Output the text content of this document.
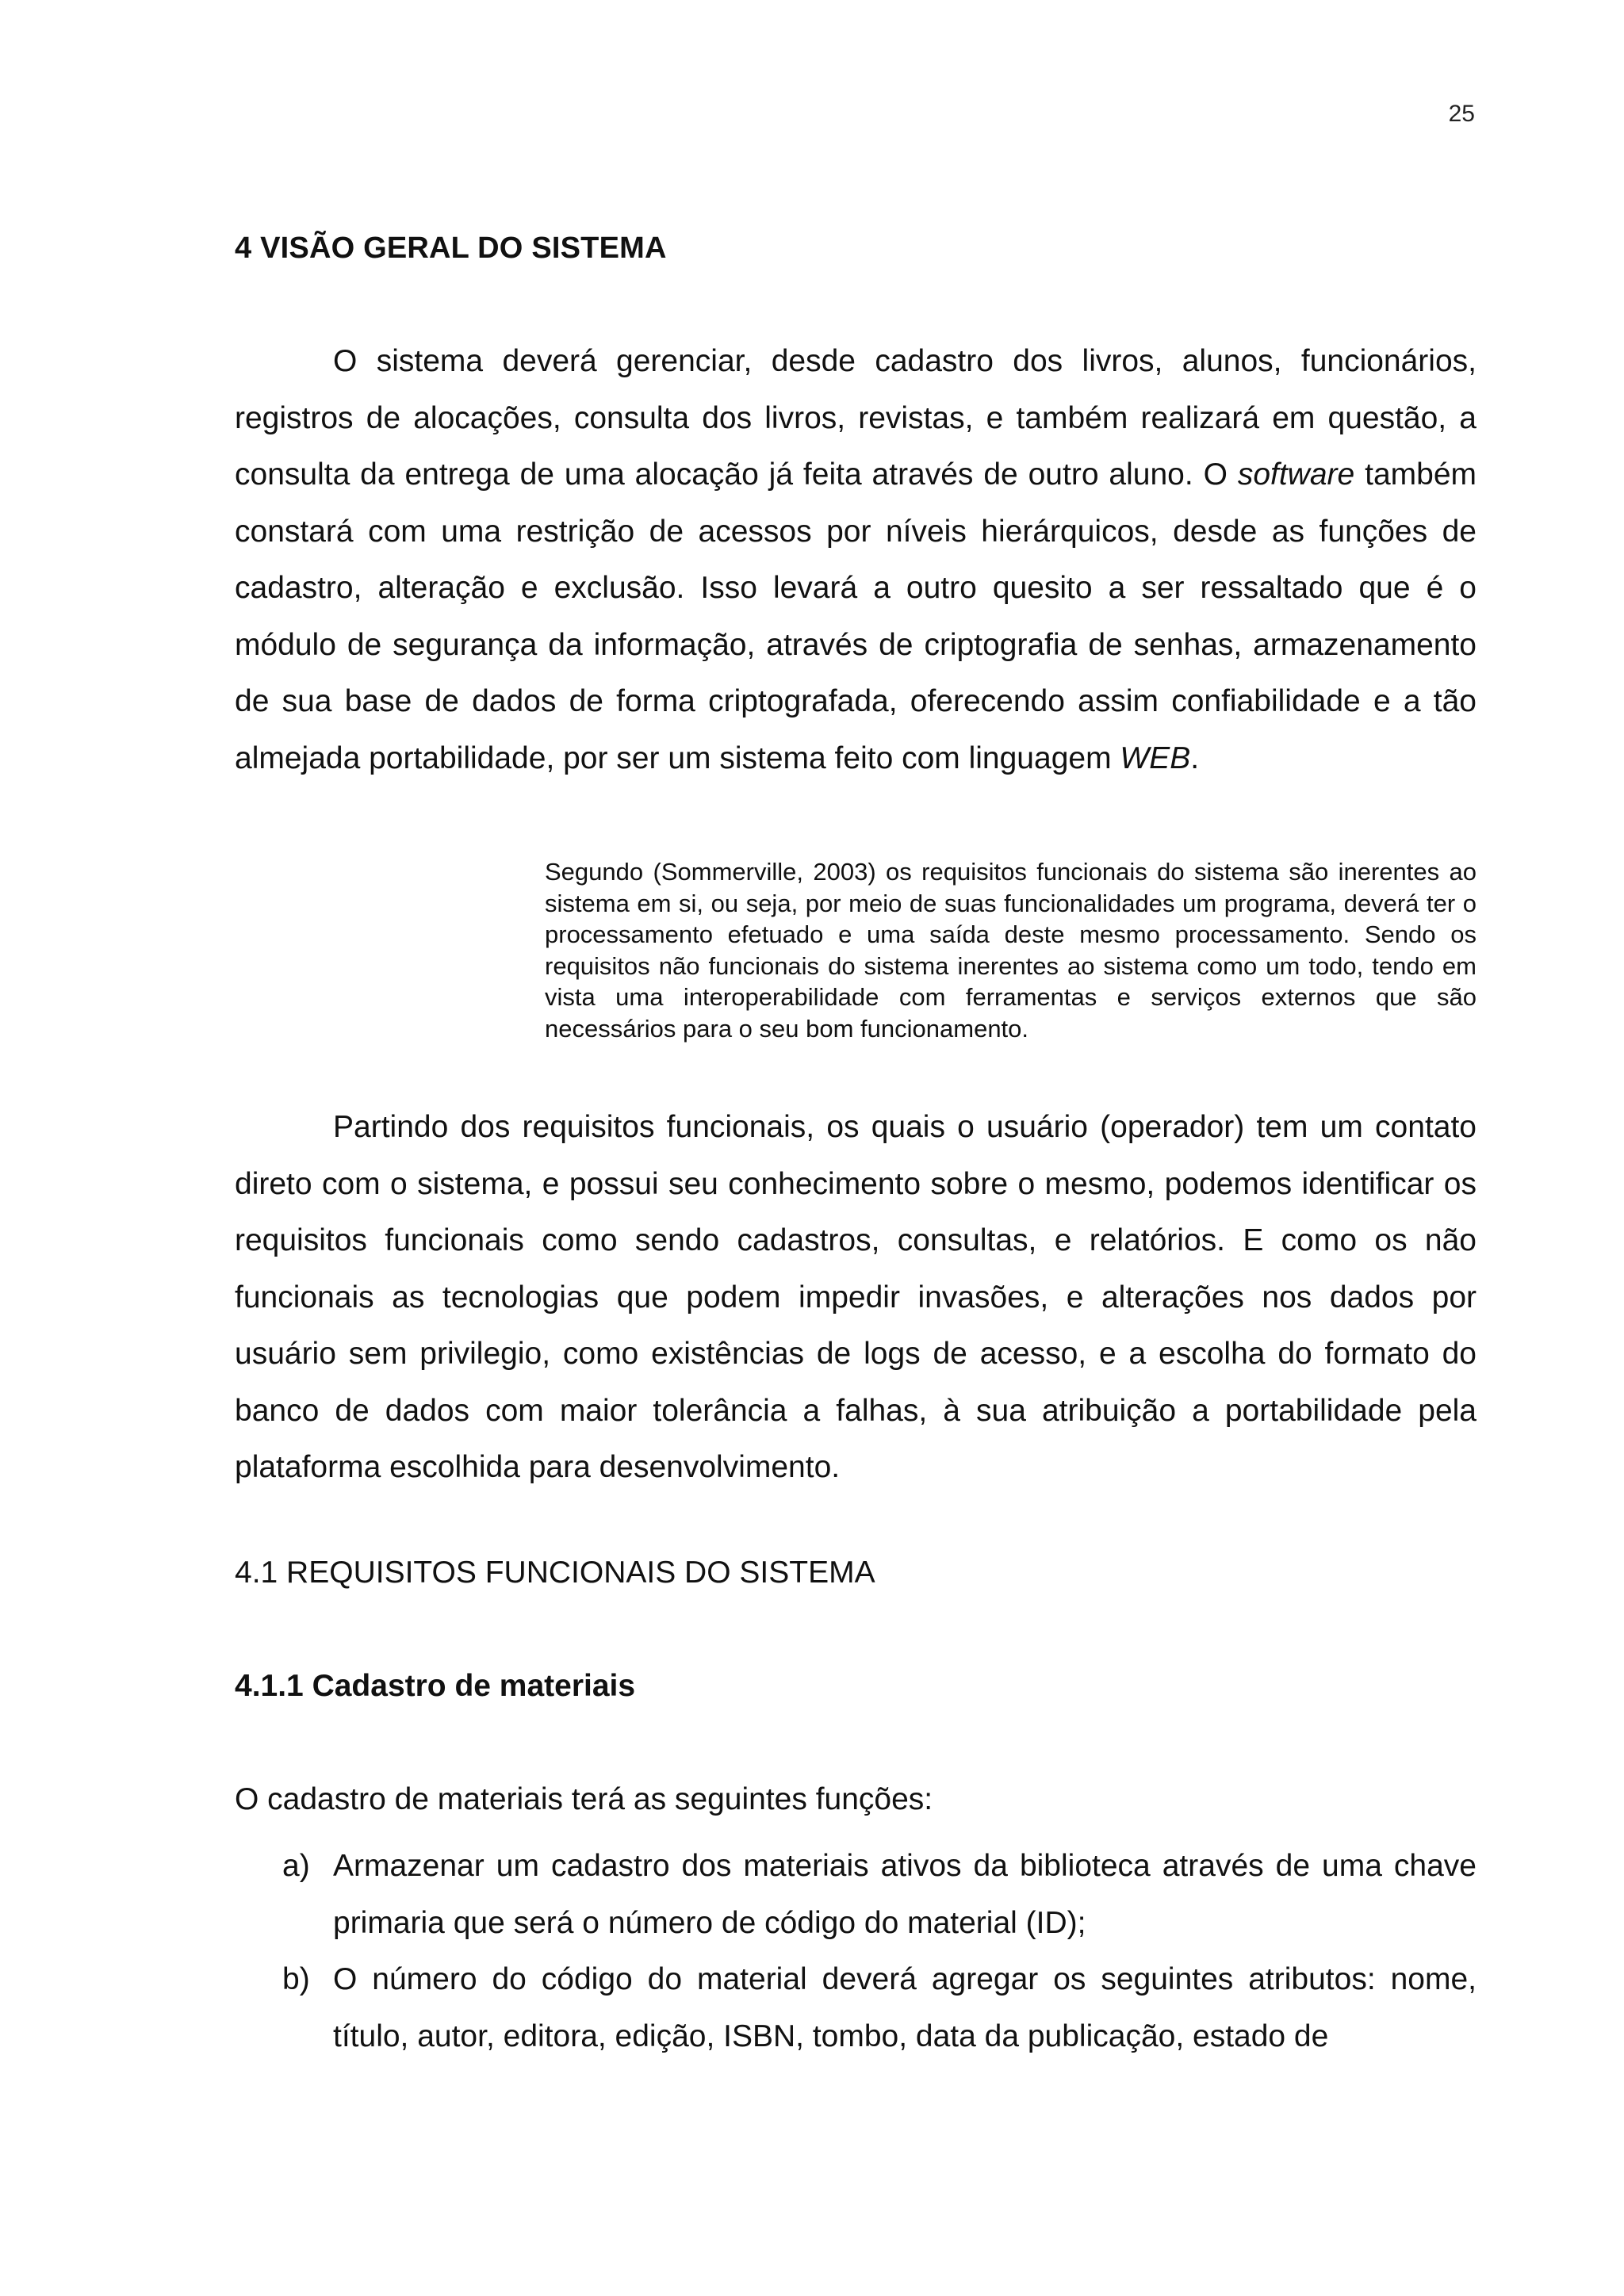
25
4 VISÃO GERAL DO SISTEMA

O sistema deverá gerenciar, desde cadastro dos livros, alunos, funcionários, registros de alocações, consulta dos livros, revistas, e também realizará em questão, a consulta da entrega de uma alocação já feita através de outro aluno. O software também constará com uma restrição de acessos por níveis hierárquicos, desde as funções de cadastro, alteração e exclusão. Isso levará a outro quesito a ser ressaltado que é o módulo de segurança da informação, através de criptografia de senhas, armazenamento de sua base de dados de forma criptografada, oferecendo assim confiabilidade e a tão almejada portabilidade, por ser um sistema feito com linguagem WEB.

Segundo (Sommerville, 2003) os requisitos funcionais do sistema são inerentes ao sistema em si, ou seja, por meio de suas funcionalidades um programa, deverá ter o processamento efetuado e uma saída deste mesmo processamento. Sendo os requisitos não funcionais do sistema inerentes ao sistema como um todo, tendo em vista uma interoperabilidade com ferramentas e serviços externos que são necessários para o seu bom funcionamento.

Partindo dos requisitos funcionais, os quais o usuário (operador) tem um contato direto com o sistema, e possui seu conhecimento sobre o mesmo, podemos identificar os requisitos funcionais como sendo cadastros, consultas, e relatórios. E como os não funcionais as tecnologias que podem impedir invasões, e alterações nos dados por usuário sem privilegio, como existências de logs de acesso, e a escolha do formato do banco de dados com maior tolerância a falhas, à sua atribuição a portabilidade pela plataforma escolhida para desenvolvimento.

4.1 REQUISITOS FUNCIONAIS DO SISTEMA
4.1.1 Cadastro de materiais

O cadastro de materiais terá as seguintes funções:

a) Armazenar um cadastro dos materiais ativos da biblioteca através de uma chave primaria que será o número de código do material (ID);
b) O número do código do material deverá agregar os seguintes atributos: nome, título, autor, editora, edição, ISBN, tombo, data da publicação, estado de
